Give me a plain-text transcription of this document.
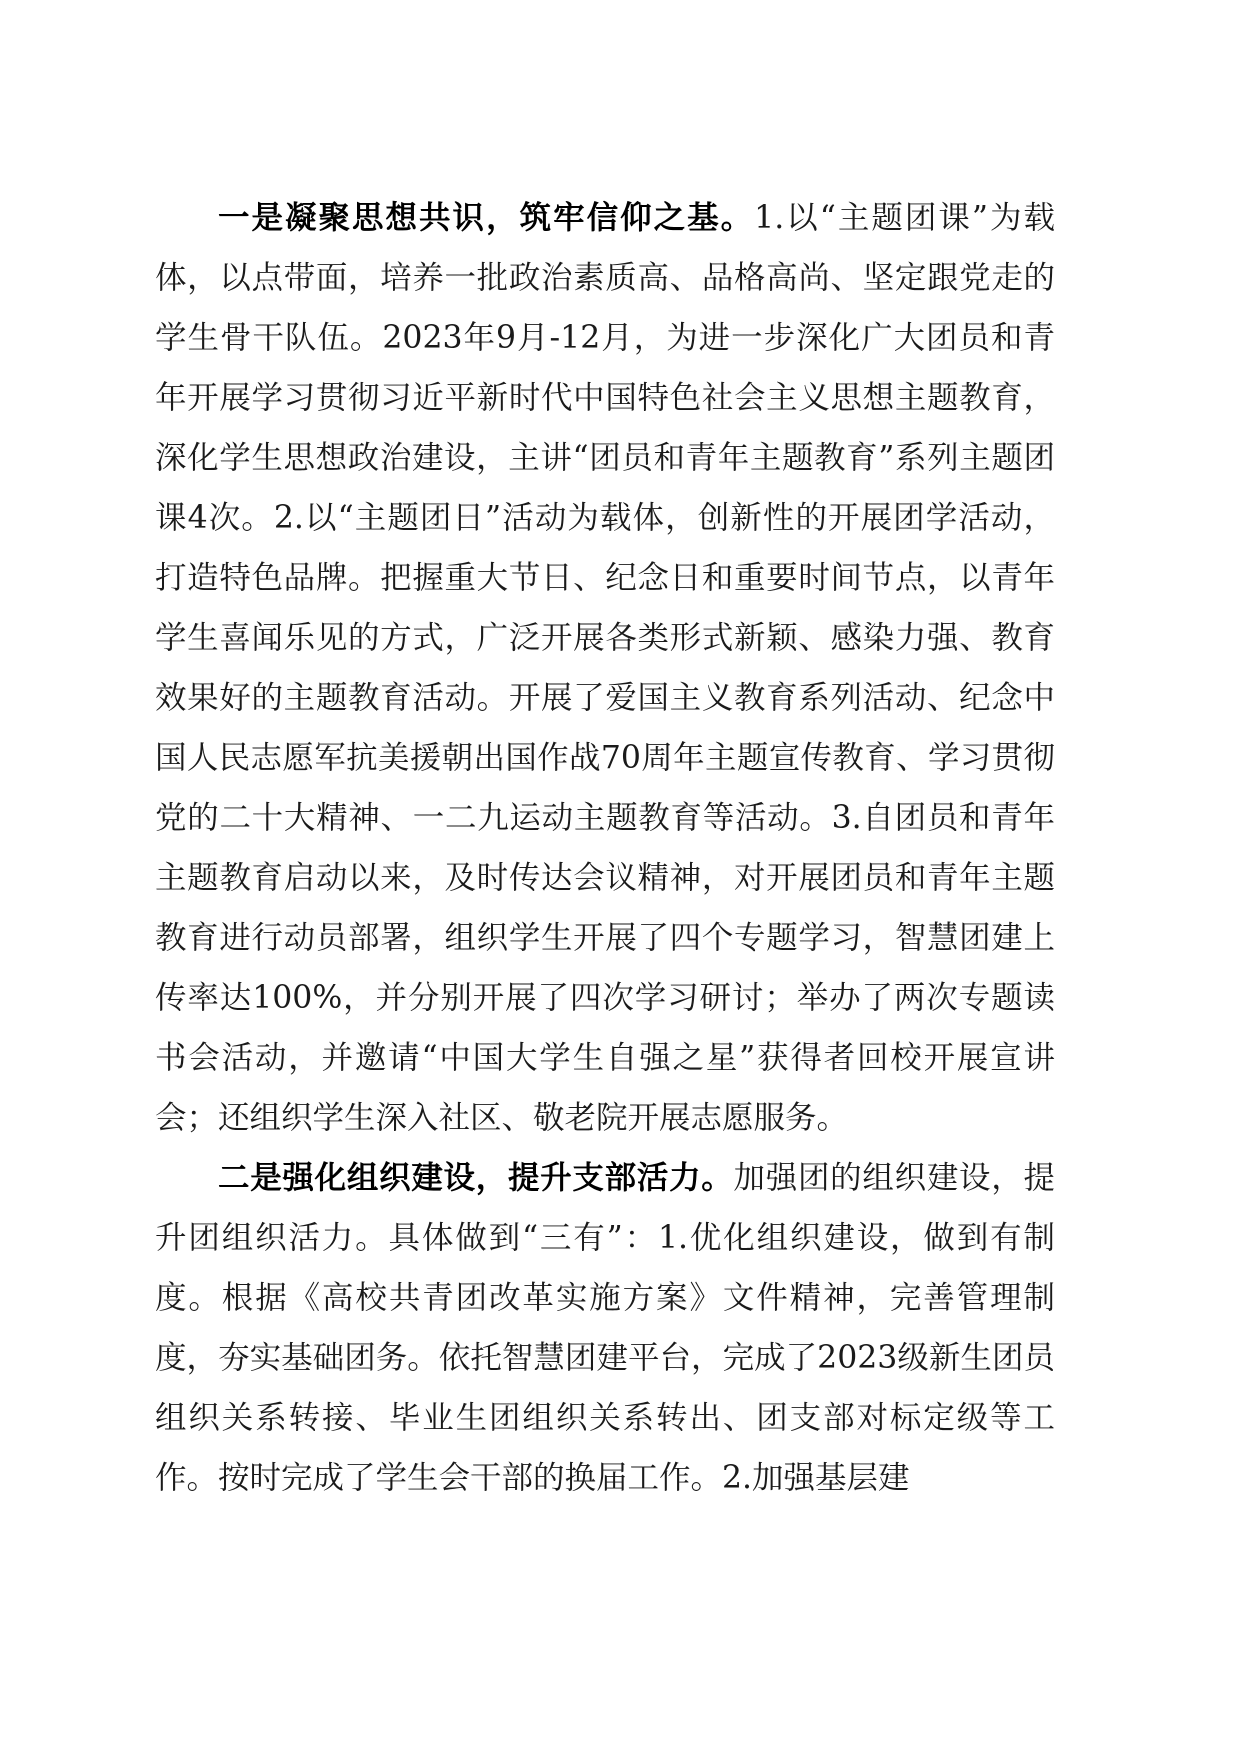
一是凝聚思想共识，筑牢信仰之基。1.以“主题团课”为载体，以点带面，培养一批政治素质高、品格高尚、坚定跟党走的学生骨干队伍。2023年9月-12月，为进一步深化广大团员和青年开展学习贯彻习近平新时代中国特色社会主义思想主题教育，深化学生思想政治建设，主讲“团员和青年主题教育”系列主题团课4次。2.以“主题团日”活动为载体，创新性的开展团学活动，打造特色品牌。把握重大节日、纪念日和重要时间节点，以青年学生喜闻乐见的方式，广泛开展各类形式新颖、感染力强、教育效果好的主题教育活动。开展了爱国主义教育系列活动、纪念中国人民志愿军抗美援朝出国作战70周年主题宣传教育、学习贯彻党的二十大精神、一二九运动主题教育等活动。3.自团员和青年主题教育启动以来，及时传达会议精神，对开展团员和青年主题教育进行动员部署，组织学生开展了四个专题学习，智慧团建上传率达100%，并分别开展了四次学习研讨；举办了两次专题读书会活动，并邀请“中国大学生自强之星”获得者回校开展宣讲会；还组织学生深入社区、敬老院开展志愿服务。

二是强化组织建设，提升支部活力。加强团的组织建设，提升团组织活力。具体做到“三有”：1.优化组织建设，做到有制度。根据《高校共青团改革实施方案》文件精神，完善管理制度，夯实基础团务。依托智慧团建平台，完成了2023级新生团员组织关系转接、毕业生团组织关系转出、团支部对标定级等工作。按时完成了学生会干部的换届工作。2.加强基层建
